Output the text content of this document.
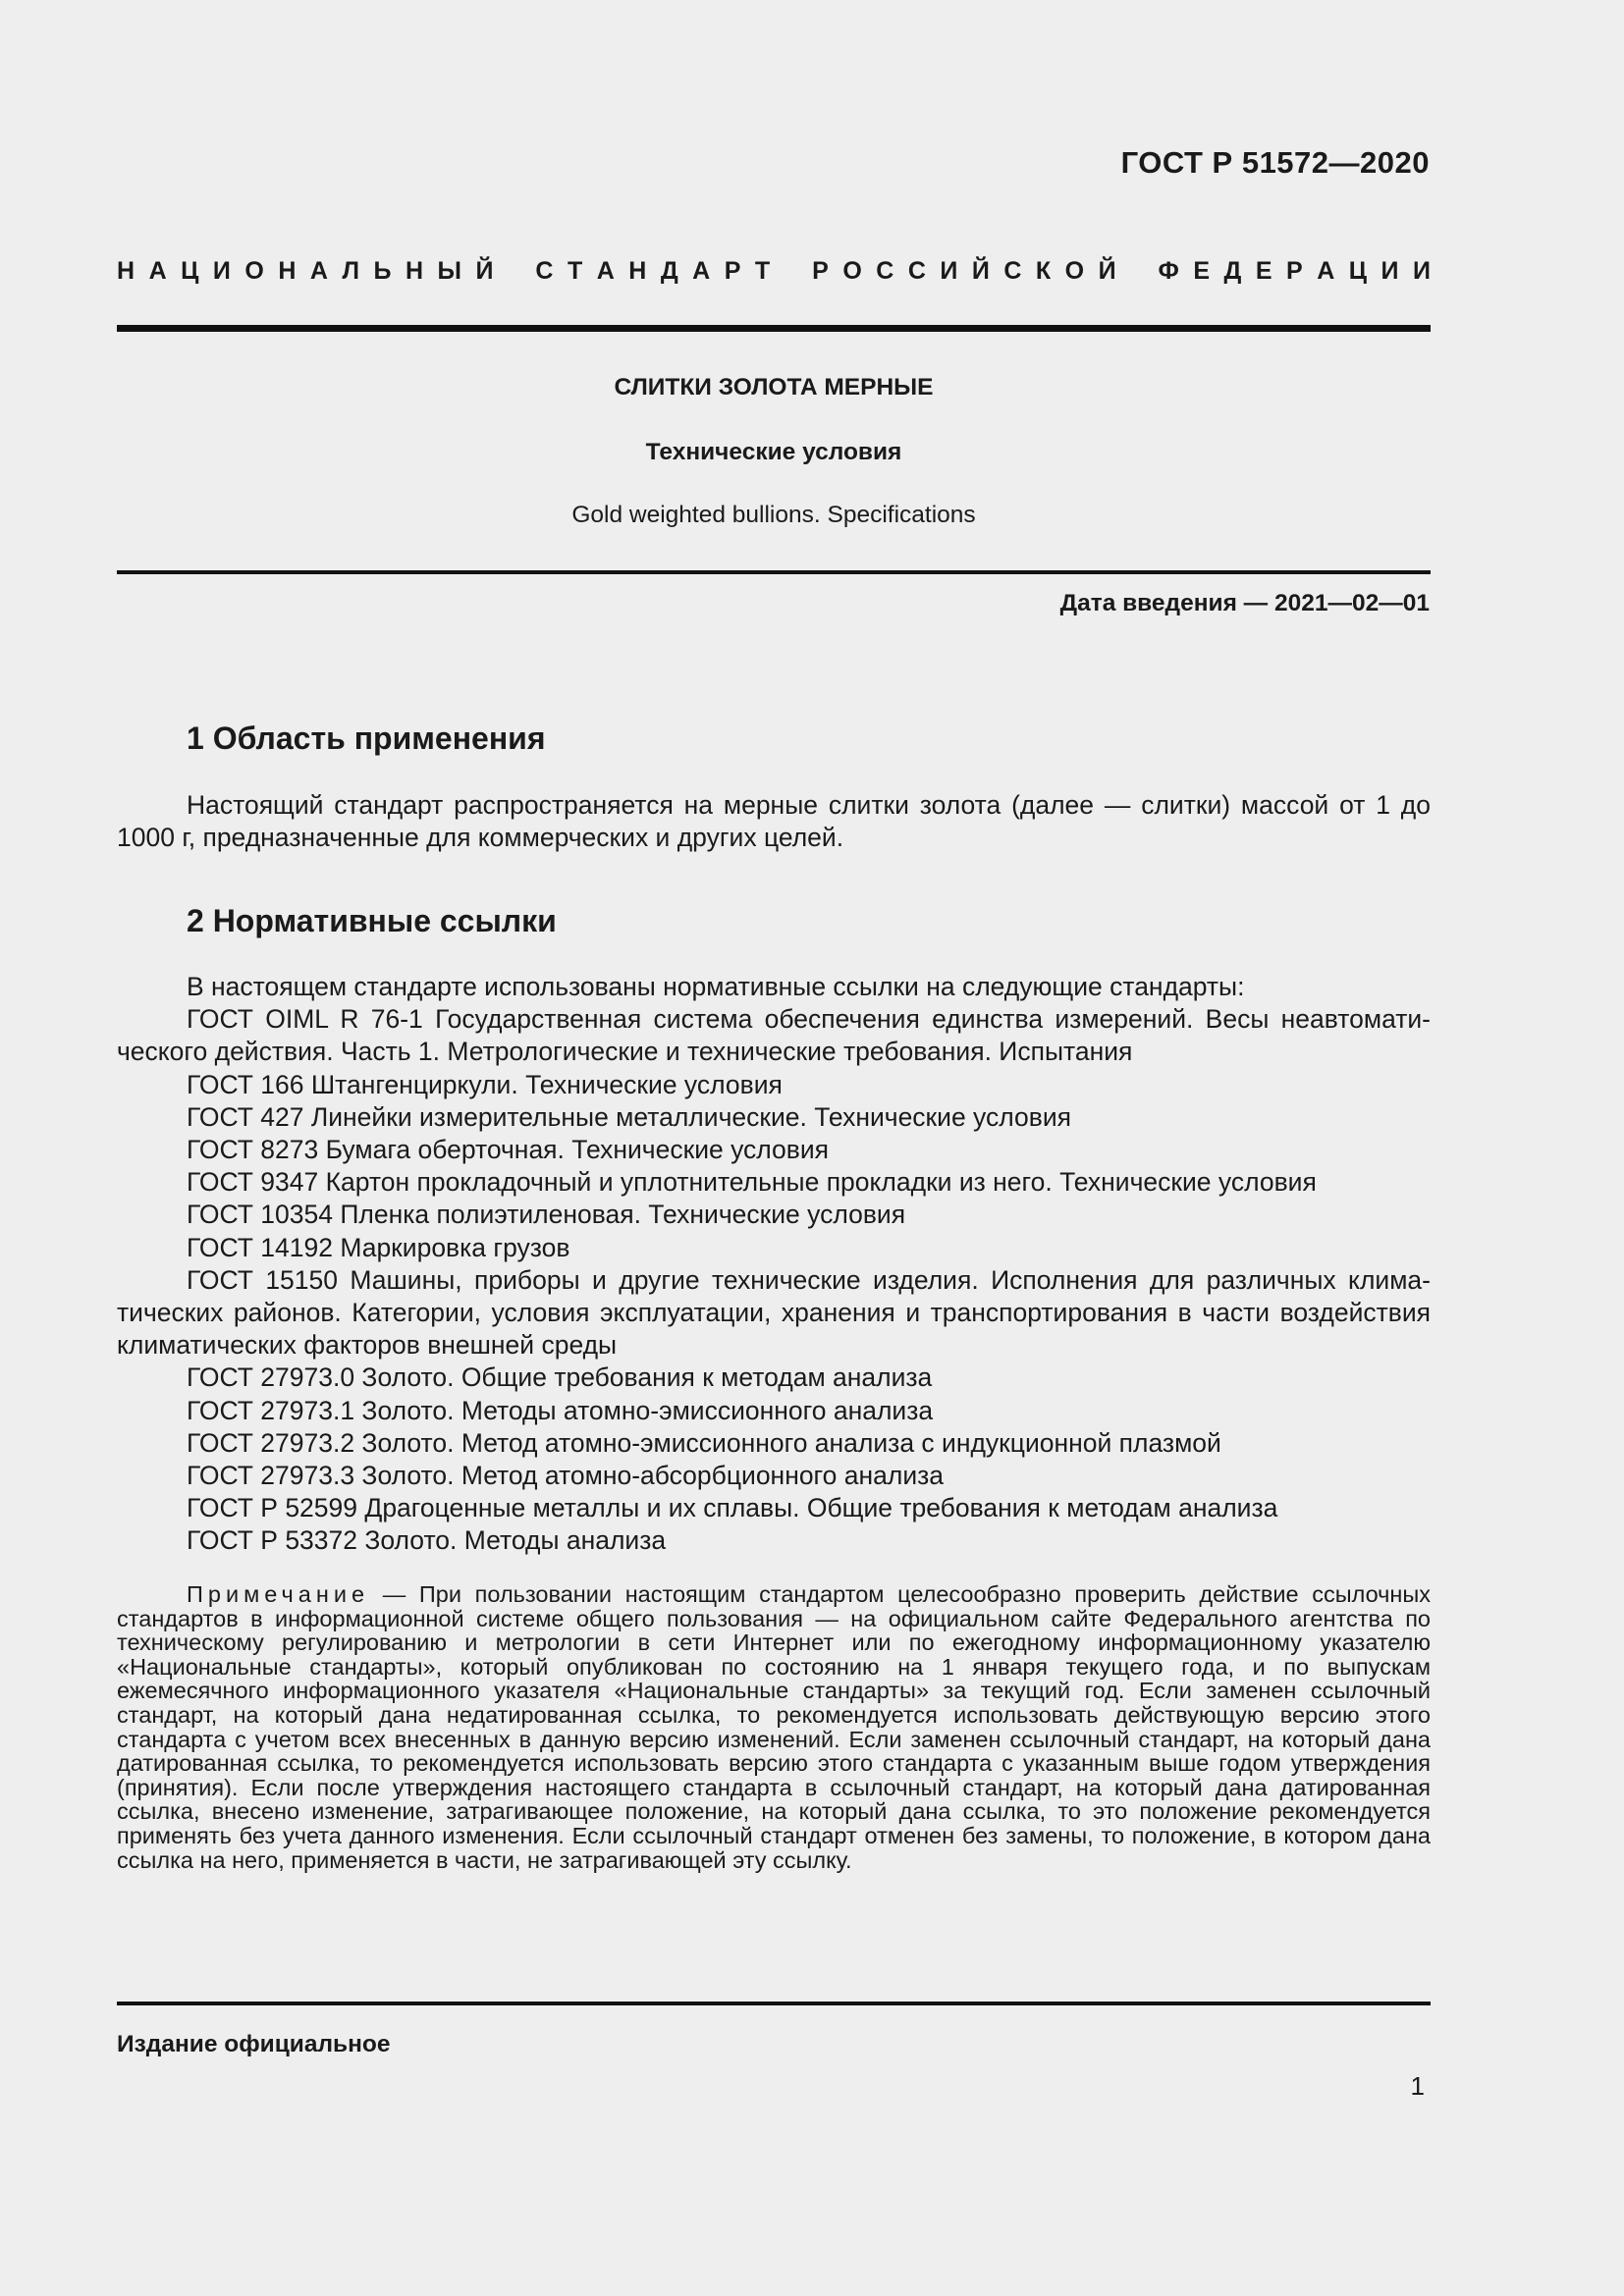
ГОСТ Р 51572—2020
Н А Ц И О Н А Л Ь Н Ы Й С Т А Н Д А Р Т Р О С С И Й С К О Й Ф Е Д Е Р А Ц И И
СЛИТКИ ЗОЛОТА МЕРНЫЕ
Технические условия
Gold weighted bullions. Specifications
Дата введения — 2021—02—01
1 Область применения

Настоящий стандарт распространяется на мерные слитки золота (далее — слитки) массой от 1 до 1000 г, предназначенные для коммерческих и других целей.

2 Нормативные ссылки

В настоящем стандарте использованы нормативные ссылки на следующие стандарты:

ГОСТ OIML R 76-1 Государственная система обеспечения единства измерений. Весы неавтоматического действия. Часть 1. Метрологические и технические требования. Испытания

ГОСТ 166 Штангенциркули. Технические условия

ГОСТ 427 Линейки измерительные металлические. Технические условия

ГОСТ 8273 Бумага оберточная. Технические условия

ГОСТ 9347 Картон прокладочный и уплотнительные прокладки из него. Технические условия

ГОСТ 10354 Пленка полиэтиленовая. Технические условия

ГОСТ 14192 Маркировка грузов

ГОСТ 15150 Машины, приборы и другие технические изделия. Исполнения для различных климатических районов. Категории, условия эксплуатации, хранения и транспортирования в части воздействия климатических факторов внешней среды

ГОСТ 27973.0 Золото. Общие требования к методам анализа

ГОСТ 27973.1 Золото. Методы атомно-эмиссионного анализа

ГОСТ 27973.2 Золото. Метод атомно-эмиссионного анализа с индукционной плазмой

ГОСТ 27973.3 Золото. Метод атомно-абсорбционного анализа

ГОСТ Р 52599 Драгоценные металлы и их сплавы. Общие требования к методам анализа

ГОСТ Р 53372 Золото. Методы анализа

Примечание — При пользовании настоящим стандартом целесообразно проверить действие ссылочных стандартов в информационной системе общего пользования — на официальном сайте Федерального агентства по техническому регулированию и метрологии в сети Интернет или по ежегодному информационному указателю «Национальные стандарты», который опубликован по состоянию на 1 января текущего года, и по выпускам ежемесячного информационного указателя «Национальные стандарты» за текущий год. Если заменен ссылочный стандарт, на который дана недатированная ссылка, то рекомендуется использовать действующую версию этого стандарта с учетом всех внесенных в данную версию изменений. Если заменен ссылочный стандарт, на который дана датированная ссылка, то рекомендуется использовать версию этого стандарта с указанным выше годом утверждения (принятия). Если после утверждения настоящего стандарта в ссылочный стандарт, на который дана датированная ссылка, внесено изменение, затрагивающее положение, на который дана ссылка, то это положение рекомендуется применять без учета данного изменения. Если ссылочный стандарт отменен без замены, то положение, в котором дана ссылка на него, применяется в части, не затрагивающей эту ссылку.

Издание официальное
1
